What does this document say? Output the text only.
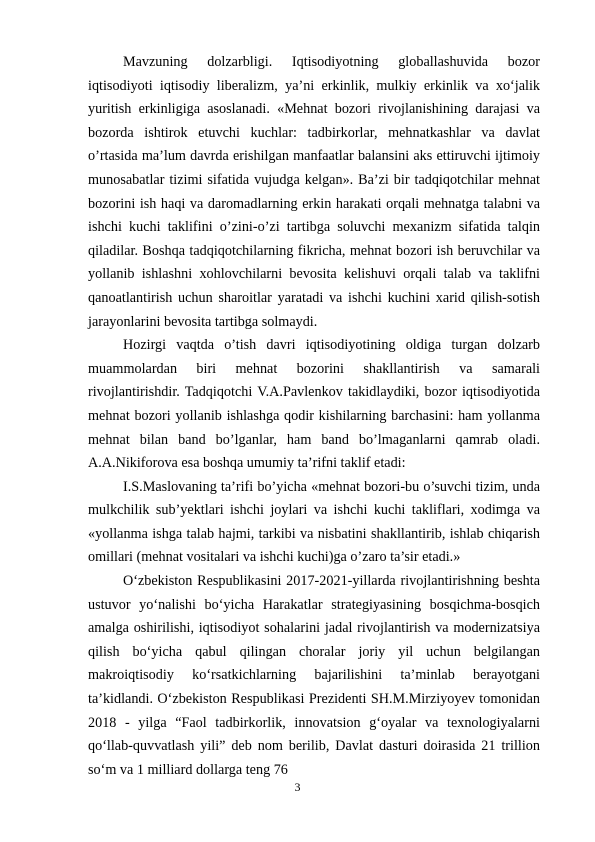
Mavzuning dolzarbligi. Iqtisodiyotning globallashuvida bozor iqtisodiyoti iqtisodiy liberalizm, ya’ni erkinlik, mulkiy erkinlik va xo‘jalik yuritish erkinligiga asoslanadi. «Mehnat bozori rivojlanishining darajasi va bozorda ishtirok etuvchi kuchlar: tadbirkorlar, mehnatkashlar va davlat o’rtasida ma’lum davrda erishilgan manfaatlar balansini aks ettiruvchi ijtimoiy munosabatlar tizimi sifatida vujudga kelgan». Ba’zi bir tadqiqotchilar mehnat bozorini ish haqi va daromadlarning erkin harakati orqali mehnatga talabni va ishchi kuchi taklifini o’zini-o’zi tartibga soluvchi mexanizm sifatida talqin qiladilar. Boshqa tadqiqotchilarning fikricha, mehnat bozori ish beruvchilar va yollanib ishlashni xohlovchilarni bevosita kelishuvi orqali talab va taklifni qanoatlantirish uchun sharoitlar yaratadi va ishchi kuchini xarid qilish-sotish jarayonlarini bevosita tartibga solmaydi.

Hozirgi vaqtda o’tish davri iqtisodiyotining oldiga turgan dolzarb muammolardan biri mehnat bozorini shakllantirish va samarali rivojlantirishdir. Tadqiqotchi V.A.Pavlenkov takidlaydiki, bozor iqtisodiyotida mehnat bozori yollanib ishlashga qodir kishilarning barchasini: ham yollanma mehnat bilan band bo’lganlar, ham band bo’lmaganlarni qamrab oladi. A.A.Nikiforova esa boshqa umumiy ta’rifni taklif etadi:

I.S.Maslovaning ta’rifi bo’yicha «mehnat bozori-bu o’suvchi tizim, unda mulkchilik sub’yektlari ishchi joylari va ishchi kuchi takliflari, xodimga va «yollanma ishga talab hajmi, tarkibi va nisbatini shakllantirib, ishlab chiqarish omillari (mehnat vositalari va ishchi kuchi)ga o’zaro ta’sir etadi.»

O‘zbekiston Respublikasini 2017-2021-yillarda rivojlantirishning beshta ustuvor yo‘nalishi bo‘yicha Harakatlar strategiyasining bosqichma-bosqich amalga oshirilishi, iqtisodiyot sohalarini jadal rivojlantirish va modernizatsiya qilish bo‘yicha qabul qilingan choralar joriy yil uchun belgilangan makroiqtisodiy ko‘rsatkichlarning bajarilishini ta’minlab berayotgani ta’kidlandi. O‘zbekiston Respublikasi Prezidenti SH.M.Mirziyoyev tomonidan 2018 - yilga “Faol tadbirkorlik, innovatsion g‘oyalar va texnologiyalarni qo‘llab-quvvatlash yili” deb nom berilib, Davlat dasturi doirasida 21 trillion so‘m va 1 milliard dollarga teng 76

3
